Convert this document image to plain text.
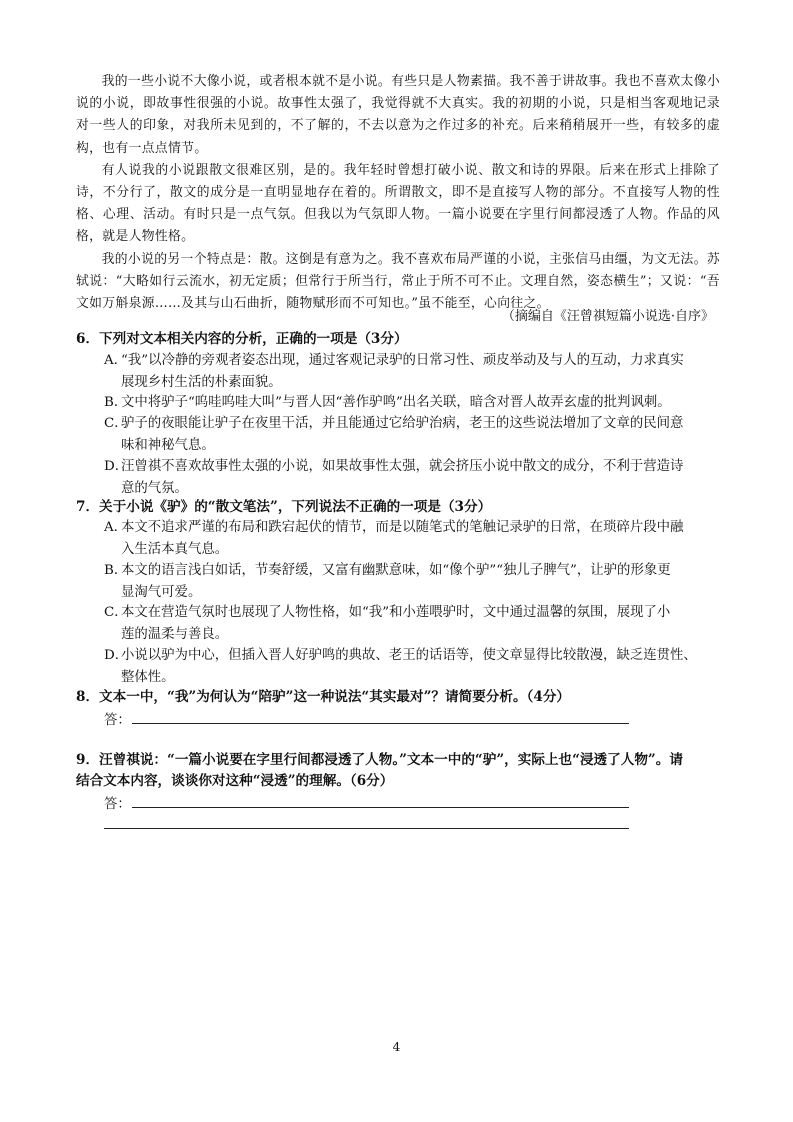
我的一些小说不大像小说，或者根本就不是小说。有些只是人物素描。我不善于讲故事。我也不喜欢太像小说的小说，即故事性很强的小说。故事性太强了，我觉得就不大真实。我的初期的小说，只是相当客观地记录对一些人的印象，对我所未见到的，不了解的，不去以意为之作过多的补充。后来稍稍展开一些，有较多的虚构，也有一点点情节。

有人说我的小说跟散文很难区别，是的。我年轻时曾想打破小说、散文和诗的界限。后来在形式上排除了诗，不分行了，散文的成分是一直明显地存在着的。所谓散文，即不是直接写人物的部分。不直接写人物的性格、心理、活动。有时只是一点气氛。但我以为气氛即人物。一篇小说要在字里行间都浸透了人物。作品的风格，就是人物性格。

我的小说的另一个特点是：散。这倒是有意为之。我不喜欢布局严谨的小说，主张信马由缰，为文无法。苏轼说：“大略如行云流水，初无定质；但常行于所当行，常止于所不可不止。文理自然，姿态横生”；又说：“吾文如万斛泉源……及其与山石曲折，随物赋形而不可知也。”虽不能至，心向往之。

（摘编自《汪曾祺短篇小说选·自序》
6．下列对文本相关内容的分析，正确的一项是（3分）
A．“我”以冷静的旁观者姿态出现，通过客观记录驴的日常习性、顽皮举动及与人的互动，力求真实
展现乡村生活的朴素面貌。
B．文中将驴子“呜哇呜哇大叫”与晋人因“善作驴鸣”出名关联，暗含对晋人故弄玄虚的批判讽刺。
C．驴子的夜眼能让驴子在夜里干活，并且能通过它给驴治病，老王的这些说法增加了文章的民间意
味和神秘气息。
D．汪曾祺不喜欢故事性太强的小说，如果故事性太强，就会挤压小说中散文的成分，不利于营造诗
意的气氛。
7．关于小说《驴》的“散文笔法”，下列说法不正确的一项是（3分）
A．本文不追求严谨的布局和跌宕起伏的情节，而是以随笔式的笔触记录驴的日常，在琐碎片段中融
入生活本真气息。
B．本文的语言浅白如话，节奏舒缓，又富有幽默意味，如“像个驴”“独儿子脾气”，让驴的形象更
显淘气可爱。
C．本文在营造气氛时也展现了人物性格，如“我”和小莲喂驴时，文中通过温馨的氛围，展现了小
莲的温柔与善良。
D．小说以驴为中心，但插入晋人好驴鸣的典故、老王的话语等，使文章显得比较散漫，缺乏连贯性、
整体性。
8．文本一中，“我”为何认为“陪驴”这一种说法“其实最对”？请简要分析。（4分）
答：
9．汪曾祺说：“一篇小说要在字里行间都浸透了人物。”文本一中的“驴”，实际上也“浸透了人物”。请
结合文本内容，谈谈你对这种“浸透”的理解。（6分）
答：
4
